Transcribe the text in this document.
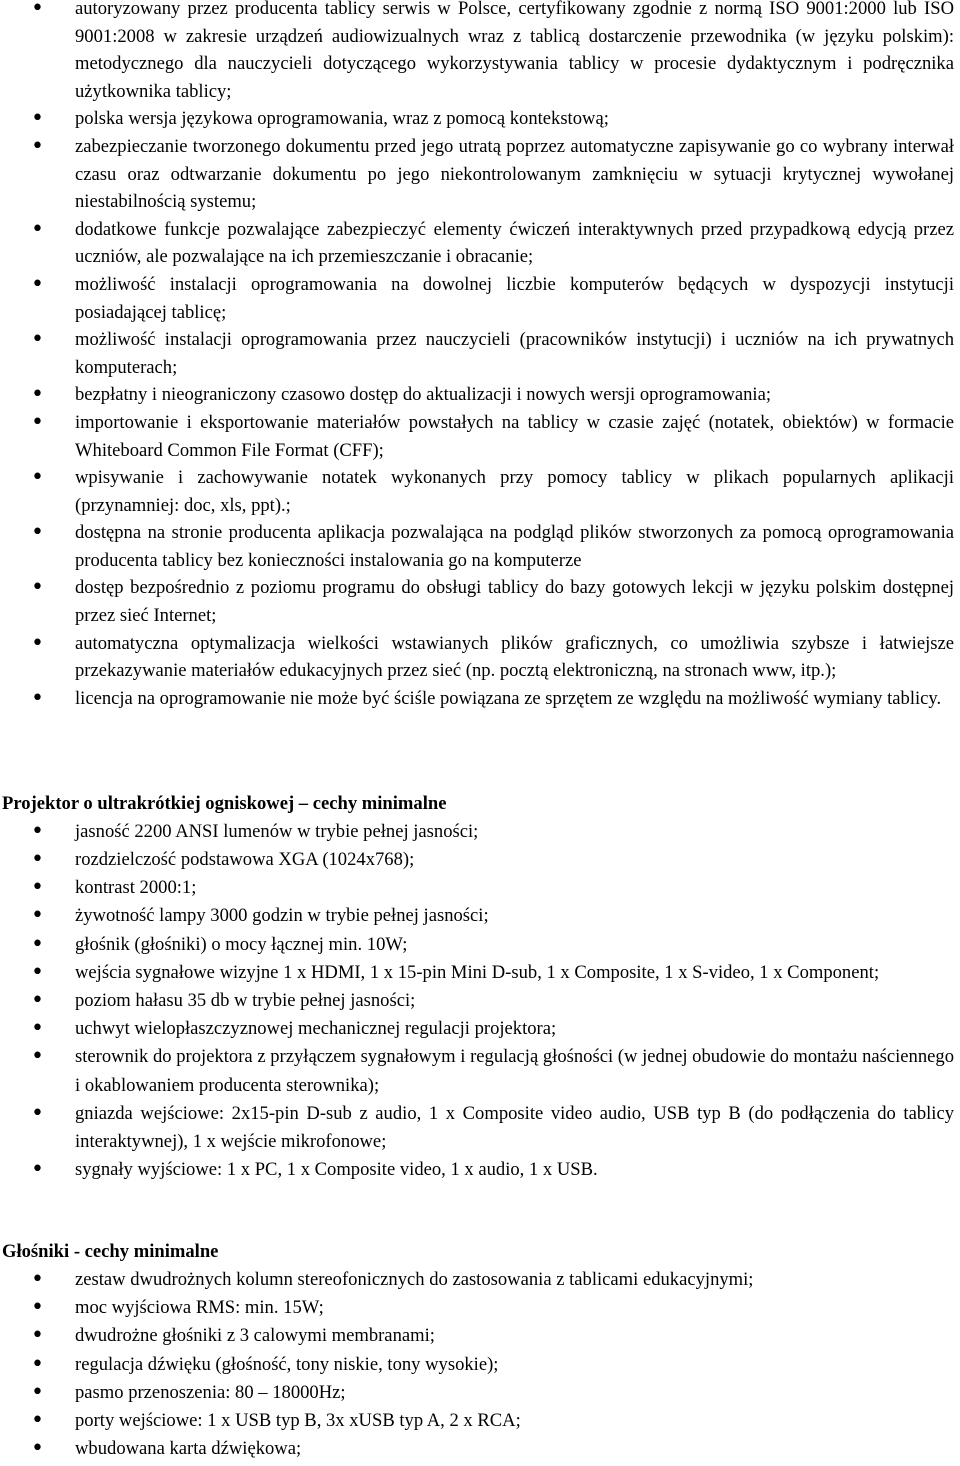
• autoryzowany przez producenta tablicy serwis w Polsce, certyfikowany zgodnie z normą ISO 9001:2000 lub ISO 9001:2008 w zakresie urządzeń audiowizualnych wraz z tablicą dostarczenie przewodnika (w języku polskim): metodycznego dla nauczycieli dotyczącego wykorzystywania tablicy w procesie dydaktycznym i podręcznika użytkownika tablicy;
• polska wersja językowa oprogramowania, wraz z pomocą kontekstową;
• zabezpieczanie tworzonego dokumentu przed jego utratą poprzez automatyczne zapisywanie go co wybrany interwał czasu oraz odtwarzanie dokumentu po jego niekontrolowanym zamknięciu w sytuacji krytycznej wywołanej niestabilnością systemu;
• dodatkowe funkcje pozwalające zabezpieczyć elementy ćwiczeń interaktywnych przed przypadkową edycją przez uczniów, ale pozwalające na ich przemieszczanie i obracanie;
• możliwość instalacji oprogramowania na dowolnej liczbie komputerów będących w dyspozycji instytucji posiadającej tablicę;
• możliwość instalacji oprogramowania przez nauczycieli (pracowników instytucji) i uczniów na ich prywatnych komputerach;
• bezpłatny i nieograniczony czasowo dostęp do aktualizacji i nowych wersji oprogramowania;
• importowanie i eksportowanie materiałów powstałych na tablicy w czasie zajęć (notatek, obiektów) w formacie Whiteboard Common File Format (CFF);
• wpisywanie i zachowywanie notatek wykonanych przy pomocy tablicy w plikach popularnych aplikacji (przynamniej: doc, xls, ppt).;
• dostępna na stronie producenta aplikacja pozwalająca na podgląd plików stworzonych za pomocą oprogramowania producenta tablicy bez konieczności instalowania go na komputerze
• dostęp bezpośrednio z poziomu programu do obsługi tablicy do bazy gotowych lekcji w języku polskim dostępnej przez sieć Internet;
• automatyczna optymalizacja wielkości wstawianych plików graficznych, co umożliwia szybsze i łatwiejsze przekazywanie materiałów edukacyjnych przez sieć (np. pocztą elektroniczną, na stronach www, itp.);
• licencja na oprogramowanie nie może być ściśle powiązana ze sprzętem ze względu na możliwość wymiany tablicy.
Projektor o ultrakrótkiej ogniskowej – cechy minimalne
• jasność 2200 ANSI lumenów w trybie pełnej jasności;
• rozdzielczość podstawowa XGA (1024x768);
• kontrast 2000:1;
• żywotność lampy 3000 godzin w trybie pełnej jasności;
• głośnik (głośniki) o mocy łącznej min. 10W;
• wejścia sygnałowe wizyjne 1 x HDMI, 1 x 15-pin Mini D-sub, 1 x Composite, 1 x S-video, 1 x Component;
• poziom hałasu 35 db w trybie pełnej jasności;
• uchwyt wielopłaszczyznowej mechanicznej regulacji projektora;
• sterownik do projektora z przyłączem sygnałowym i regulacją głośności (w jednej obudowie do montażu naściennego i okablowaniem producenta sterownika);
• gniazda wejściowe: 2x15-pin D-sub z audio, 1 x Composite video audio, USB typ B (do podłączenia do tablicy interaktywnej), 1 x wejście mikrofonowe;
• sygnały wyjściowe: 1 x PC, 1 x Composite video, 1 x audio, 1 x USB.
Głośniki - cechy minimalne
• zestaw dwudrożnych kolumn stereofonicznych do zastosowania z tablicami edukacyjnymi;
• moc wyjściowa RMS: min. 15W;
• dwudrożne głośniki z 3 calowymi membranami;
• regulacja dźwięku (głośność, tony niskie, tony wysokie);
• pasmo przenoszenia: 80 – 18000Hz;
• porty wejściowe: 1 x USB typ B, 3x xUSB typ A, 2 x RCA;
• wbudowana karta dźwiękowa;
